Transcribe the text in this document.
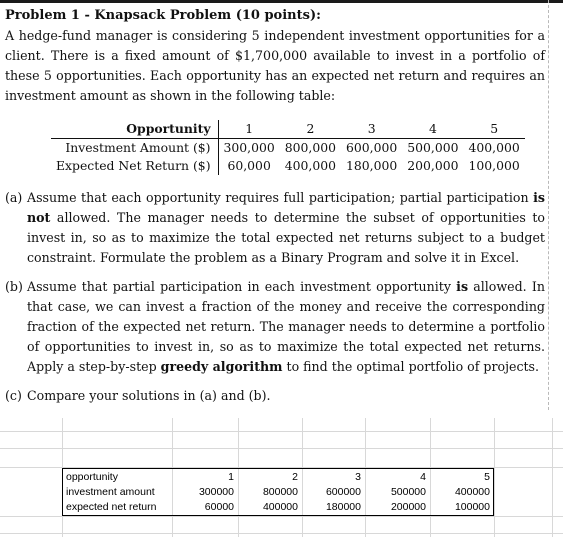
Problem 1 - Knapsack Problem (10 points):

A hedge-fund manager is considering 5 independent investment opportunities for a client. There is a fixed amount of $1,700,000 available to invest in a portfolio of these 5 opportunities. Each opportunity has an expected net return and requires an investment amount as shown in the following table:

Opportunity	1	2	3	4	5
Investment Amount ($)	300,000	800,000	600,000	500,000	400,000
Expected Net Return ($)	60,000	400,000	180,000	200,000	100,000

(a) Assume that each opportunity requires full participation; partial participation is not allowed. The manager needs to determine the subset of opportunities to invest in, so as to maximize the total expected net returns subject to a budget constraint. Formulate the problem as a Binary Program and solve it in Excel.

(b) Assume that partial participation in each investment opportunity is allowed. In that case, we can invest a fraction of the money and receive the corresponding fraction of the expected net return. The manager needs to determine a portfolio of opportunities to invest in, so as to maximize the total expected net returns. Apply a step-by-step greedy algorithm to find the optimal portfolio of projects.

(c) Compare your solutions in (a) and (b).

opportunity	1	2	3	4	5
investment amount	300000	800000	600000	500000	400000
expected net return	60000	400000	180000	200000	100000
